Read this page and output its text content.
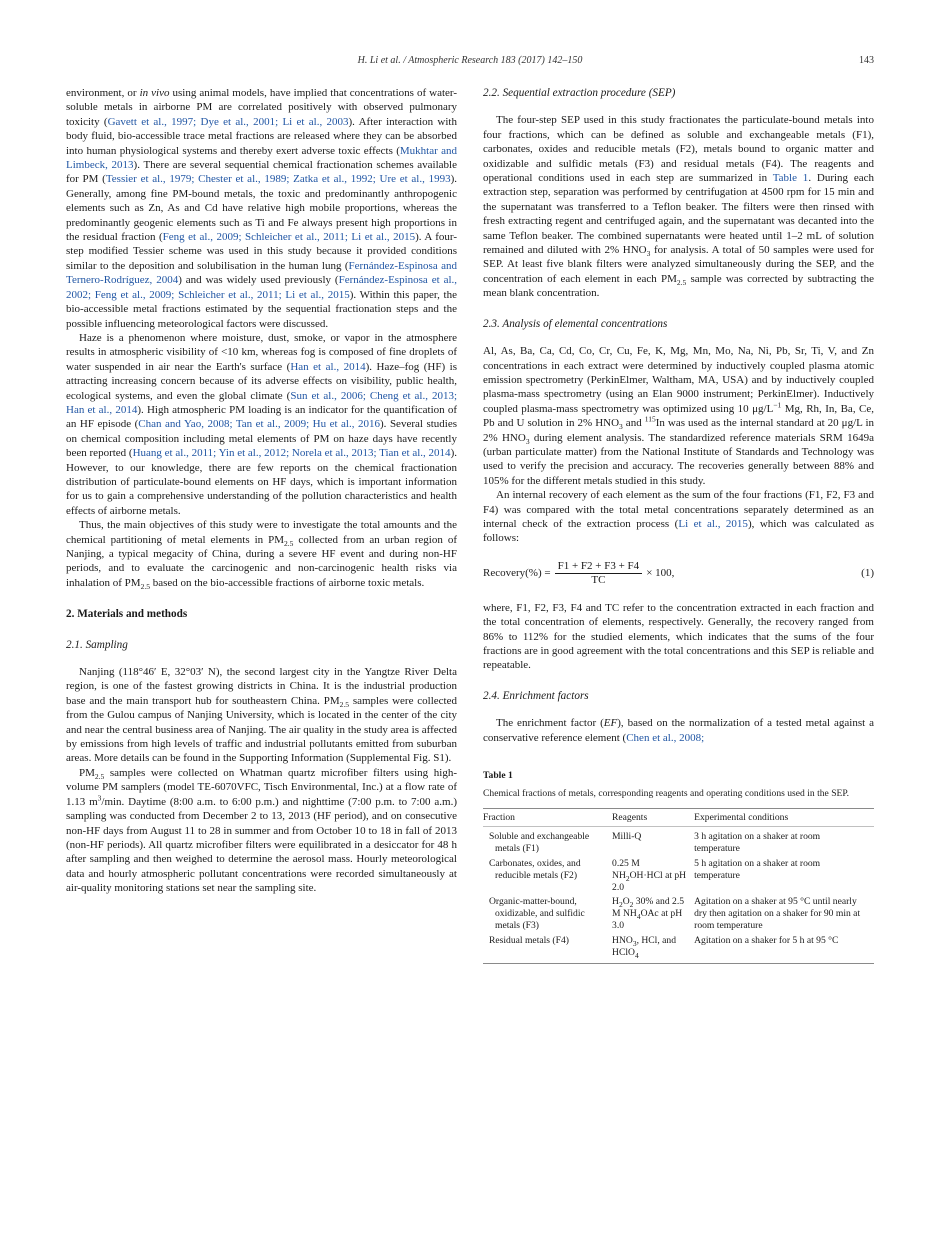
H. Li et al. / Atmospheric Research 183 (2017) 142–150	143

environment, or in vivo using animal models, have implied that concentrations of water-soluble metals in airborne PM are correlated positively with observed pulmonary toxicity (Gavett et al., 1997; Dye et al., 2001; Li et al., 2003). After interaction with body fluid, bio-accessible trace metal fractions are released where they can be absorbed into human physiological systems and thereby exert adverse toxic effects (Mukhtar and Limbeck, 2013). There are several sequential chemical fractionation schemes available for PM (Tessier et al., 1979; Chester et al., 1989; Zatka et al., 1992; Ure et al., 1993). Generally, among fine PM-bound metals, the toxic and predominantly anthropogenic elements such as Zn, As and Cd have relative high mobile proportions, whereas the predominantly geogenic elements such as Ti and Fe always present high proportions in the residual fraction (Feng et al., 2009; Schleicher et al., 2011; Li et al., 2015). A four-step modified Tessier scheme was used in this study because it provided conditions similar to the deposition and solubilisation in the human lung (Fernández-Espinosa and Ternero-Rodríguez, 2004) and was widely used previously (Fernández-Espinosa et al., 2002; Feng et al., 2009; Schleicher et al., 2011; Li et al., 2015). Within this paper, the bio-accessible metal fractions estimated by the sequential fractionation steps and the possible influencing meteorological factors were discussed.

Haze is a phenomenon where moisture, dust, smoke, or vapor in the atmosphere results in atmospheric visibility of <10 km, whereas fog is composed of fine droplets of water suspended in air near the Earth's surface (Han et al., 2014). Haze–fog (HF) is attracting increasing concern because of its adverse effects on visibility, public health, ecological systems, and even the global climate (Sun et al., 2006; Cheng et al., 2013; Han et al., 2014). High atmospheric PM loading is an indicator for the quantification of an HF episode (Chan and Yao, 2008; Tan et al., 2009; Hu et al., 2016). Several studies on chemical composition including metal elements of PM on haze days have recently been reported (Huang et al., 2011; Yin et al., 2012; Norela et al., 2013; Tian et al., 2014). However, to our knowledge, there are few reports on the chemical fractionation distribution of particulate-bound elements on HF days, which is important information for us to gain a comprehensive understanding of the pollution characteristics and health effects of airborne metals.

Thus, the main objectives of this study were to investigate the total amounts and the chemical partitioning of metal elements in $PM_{2.5}$ collected from an urban region of Nanjing, a typical megacity of China, during a severe HF event and during non-HF periods, and to evaluate the carcinogenic and non-carcinogenic health risks via inhalation of $PM_{2.5}$ based on the bio-accessible fractions of airborne toxic metals.

2. Materials and methods
2.1. Sampling

Nanjing (118°46′ E, 32°03′ N), the second largest city in the Yangtze River Delta region, is one of the fastest growing districts in China. It is the industrial production base and the main transport hub for southeastern China. $PM_{2.5}$ samples were collected from the Gulou campus of Nanjing University, which is located in the center of the city and near the central business area of Nanjing. The air quality in the study area is affected by emissions from high levels of traffic and industrial pollutants emitted from suburban areas. More details can be found in the Supporting Information (Supplemental Fig. S1).

$PM_{2.5}$ samples were collected on Whatman quartz microfiber filters using high-volume PM samplers (model TE-6070VFC, Tisch Environmental, Inc.) at a flow rate of 1.13 $m^3/\min$. Daytime (8:00 a.m. to 6:00 p.m.) and nighttime (7:00 p.m. to 7:00 a.m.) sampling was conducted from December 2 to 13, 2013 (HF period), and on consecutive non-HF days from August 11 to 28 in summer and from October 10 to 18 in fall of 2013 (non-HF periods). All quartz microfiber filters were equilibrated in a desiccator for 48 h after sampling and then weighed to determine the aerosol mass. Hourly meteorological data and hourly atmospheric pollutant concentrations were recorded simultaneously at air-quality monitoring stations set near the sampling site.

2.2. Sequential extraction procedure (SEP)

The four-step SEP used in this study fractionates the particulate-bound metals into four fractions, which can be defined as soluble and exchangeable metals (F1), carbonates, oxides and reducible metals (F2), metals bound to organic matter and oxidizable and sulfidic metals (F3) and residual metals (F4). The reagents and operational conditions used in each step are summarized in Table 1. During each extraction step, separation was performed by centrifugation at 4500 rpm for 15 min and the supernatant was transferred to a Teflon beaker. The filters were then rinsed with fresh extracting regent and centrifuged again, and the supernatant was decanted into the same Teflon beaker. The combined supernatants were heated until 1–2 mL of solution remained and diluted with 2% $HNO_3$ for analysis. A total of 50 samples were used for SEP. At least five blank filters were analyzed simultaneously during the SEP, and the concentration of each element in each $PM_{2.5}$ sample was corrected by subtracting the mean blank concentration.

2.3. Analysis of elemental concentrations

Al, As, Ba, Ca, Cd, Co, Cr, Cu, Fe, K, Mg, Mn, Mo, Na, Ni, Pb, Sr, Ti, V, and Zn concentrations in each extract were determined by inductively coupled plasma atomic emission spectrometry (PerkinElmer, Waltham, MA, USA) and by inductively coupled plasma-mass spectrometry (using an Elan 9000 instrument; PerkinElmer). Inductively coupled plasma-mass spectrometry was optimized using 10 $\mu g/L^{-1}$ Mg, Rh, In, Ba, Ce, Pb and U solution in 2% $HNO_3$ and $^{115}$In was used as the internal standard at 20 μg/L in 2% $HNO_3$ during element analysis. The standardized reference materials SRM 1649a (urban particulate matter) from the National Institute of Standards and Technology was used to verify the precision and accuracy. The recoveries generally between 88% and 105% for the different metals studied in this study.

An internal recovery of each element as the sum of the four fractions (F1, F2, F3 and F4) was compared with the total metal concentrations separately determined as an internal check of the extraction process (Li et al., 2015), which was calculated as follows:

Recovery(%) = $\frac{F1 + F2 + F3 + F4}{TC} \times 100$,	(1)

where, F1, F2, F3, F4 and TC refer to the concentration extracted in each fraction and the total concentration of elements, respectively. Generally, the recovery ranged from 86% to 112% for the studied elements, which indicates that the sums of the four fractions are in good agreement with the total concentrations and this SEP is reliable and repeatable.

2.4. Enrichment factors

The enrichment factor (EF), based on the normalization of a tested metal against a conservative reference element (Chen et al., 2008;

Table 1
Chemical fractions of metals, corresponding reagents and operating conditions used in the SEP.
Fraction	Reagents	Experimental conditions
Soluble and exchangeable metals (F1)	Milli-Q	3 h agitation on a shaker at room temperature
Carbonates, oxides, and reducible metals (F2)	0.25 M $NH_2OH\cdot HCl$ at pH 2.0	5 h agitation on a shaker at room temperature
Organic-matter-bound, oxidizable, and sulfidic metals (F3)	$H_2O_2$ 30% and 2.5 M $NH_4OAc$ at pH 3.0	Agitation on a shaker at 95 °C until nearly dry then agitation on a shaker for 90 min at room temperature
Residual metals (F4)	$HNO_3$, HCl, and HClO$_4$	Agitation on a shaker for 5 h at 95 °C
